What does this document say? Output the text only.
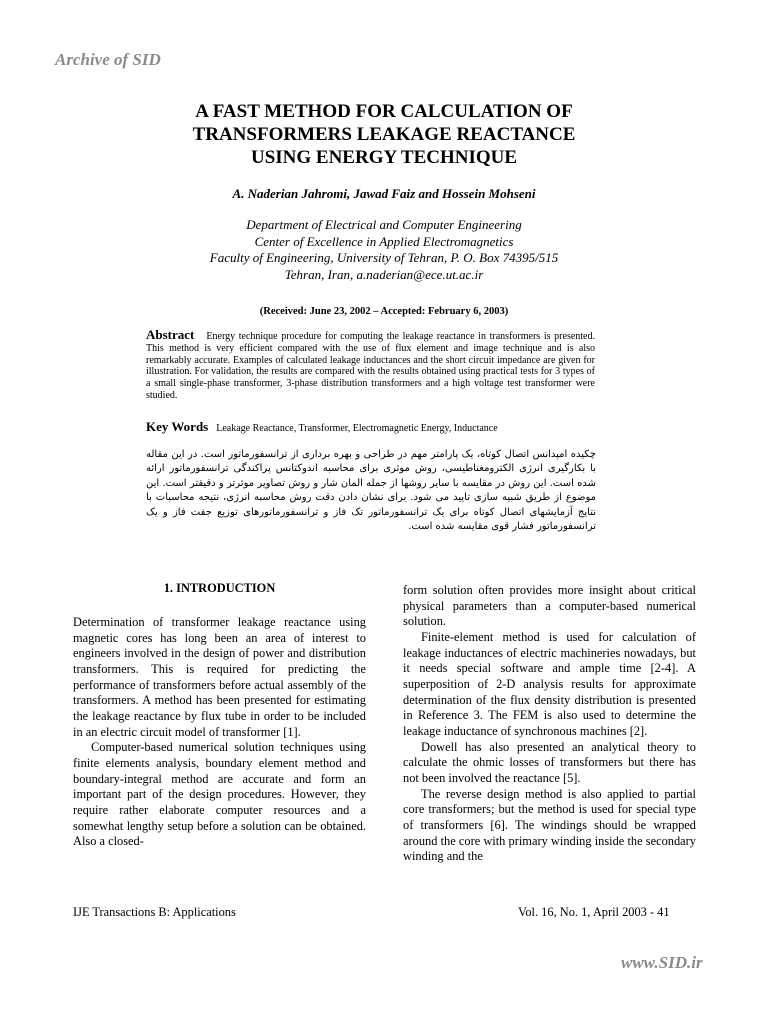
Archive of SID
A FAST METHOD FOR CALCULATION OF
TRANSFORMERS LEAKAGE REACTANCE
USING ENERGY TECHNIQUE
A. Naderian Jahromi, Jawad Faiz and Hossein Mohseni
Department of Electrical and Computer Engineering
Center of Excellence in Applied Electromagnetics
Faculty of Engineering, University of Tehran, P. O. Box 74395/515
Tehran, Iran, a.naderian@ece.ut.ac.ir
(Received: June 23, 2002 – Accepted: February 6, 2003)
Abstract Energy technique procedure for computing the leakage reactance in transformers is presented. This method is very efficient compared with the use of flux element and image technique and is also remarkably accurate. Examples of calculated leakage inductances and the short circuit impedance are given for illustration. For validation, the results are compared with the results obtained using practical tests for 3 types of a small single-phase transformer, 3-phase distribution transformers and a high voltage test transformer were studied.
Key Words Leakage Reactance, Transformer, Electromagnetic Energy, Inductance
چکیده امپدانس اتصال کوتاه، یک پارامتر مهم در طراحی و بهره برداری از ترانسفورماتور است. در این مقاله با بکارگیری انرژی الکترومغناطیسی، روش موثری برای محاسبه اندوکتانس پراکندگی ترانسفورماتور ارائه شده است. این روش در مقایسه با سایر روشها از جمله المان شار و روش تصاویر موثرتر و دقیقتر است. این موضوع از طریق شبیه سازی تایید می شود. برای نشان دادن دقت روش محاسبه انرژی، نتیجه محاسبات با نتایج آزمایشهای اتصال کوتاه برای یک ترانسفورماتور تک فاز و ترانسفورماتورهای توزیع جفت فاز و یک ترانسفورماتور فشار قوی مقایسه شده است.
1. INTRODUCTION

Determination of transformer leakage reactance using magnetic cores has long been an area of interest to engineers involved in the design of power and distribution transformers. This is required for predicting the performance of transformers before actual assembly of the transformers. A method has been presented for estimating the leakage reactance by flux tube in order to be included in an electric circuit model of transformer [1].

Computer-based numerical solution techniques using finite elements analysis, boundary element method and boundary-integral method are accurate and form an important part of the design procedures. However, they require rather elaborate computer resources and a somewhat lengthy setup before a solution can be obtained. Also a closed-

form solution often provides more insight about critical physical parameters than a computer-based numerical solution.

Finite-element method is used for calculation of leakage inductances of electric machineries nowadays, but it needs special software and ample time [2-4]. A superposition of 2-D analysis results for approximate determination of the flux density distribution is presented in Reference 3. The FEM is also used to determine the leakage inductance of synchronous machines [2].

Dowell has also presented an analytical theory to calculate the ohmic losses of transformers but there has not been involved the reactance [5].

The reverse design method is also applied to partial core transformers; but the method is used for special type of transformers [6]. The windings should be wrapped around the core with primary winding inside the secondary winding and the

IJE Transactions B: Applications	Vol. 16, No. 1, April 2003 - 41
www.SID.ir
